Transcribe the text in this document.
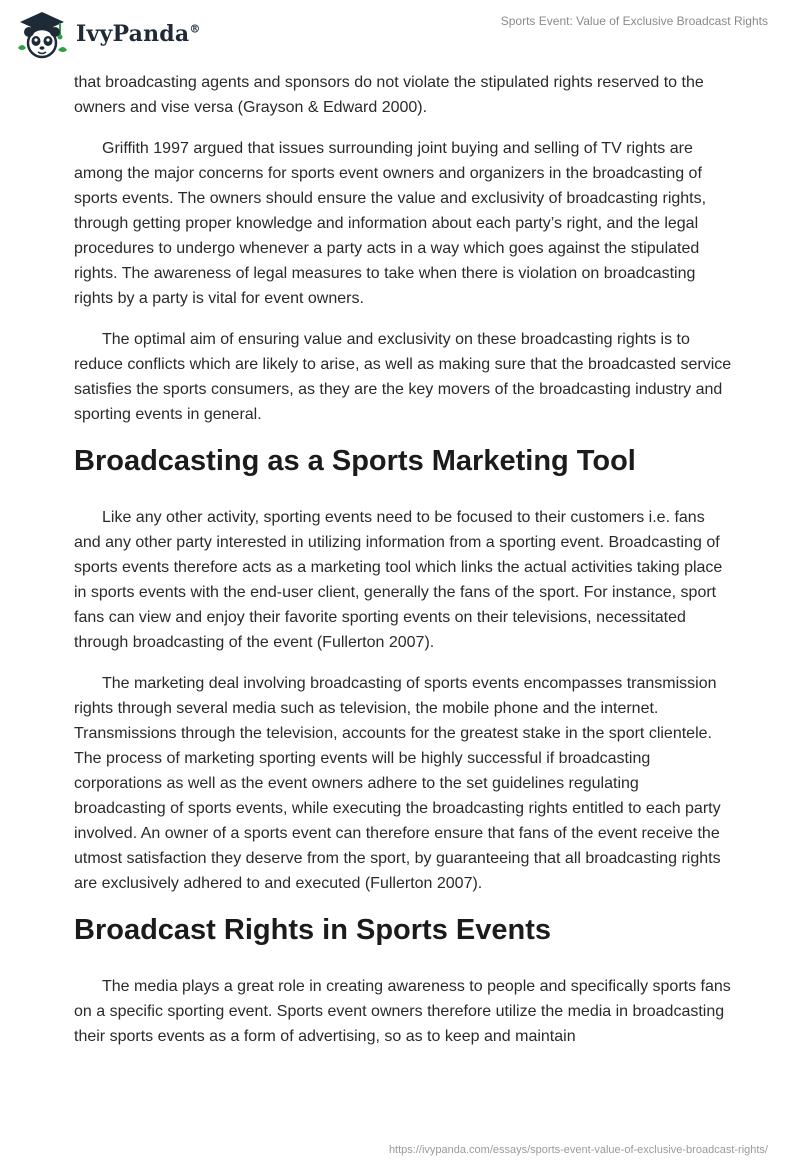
IvyPanda®
Sports Event: Value of Exclusive Broadcast Rights

that broadcasting agents and sponsors do not violate the stipulated rights reserved to the owners and vise versa (Grayson & Edward 2000).

Griffith 1997 argued that issues surrounding joint buying and selling of TV rights are among the major concerns for sports event owners and organizers in the broadcasting of sports events. The owners should ensure the value and exclusivity of broadcasting rights, through getting proper knowledge and information about each party’s right, and the legal procedures to undergo whenever a party acts in a way which goes against the stipulated rights. The awareness of legal measures to take when there is violation on broadcasting rights by a party is vital for event owners.

The optimal aim of ensuring value and exclusivity on these broadcasting rights is to reduce conflicts which are likely to arise, as well as making sure that the broadcasted service satisfies the sports consumers, as they are the key movers of the broadcasting industry and sporting events in general.

Broadcasting as a Sports Marketing Tool

Like any other activity, sporting events need to be focused to their customers i.e. fans and any other party interested in utilizing information from a sporting event. Broadcasting of sports events therefore acts as a marketing tool which links the actual activities taking place in sports events with the end-user client, generally the fans of the sport. For instance, sport fans can view and enjoy their favorite sporting events on their televisions, necessitated through broadcasting of the event (Fullerton 2007).

The marketing deal involving broadcasting of sports events encompasses transmission rights through several media such as television, the mobile phone and the internet. Transmissions through the television, accounts for the greatest stake in the sport clientele. The process of marketing sporting events will be highly successful if broadcasting corporations as well as the event owners adhere to the set guidelines regulating broadcasting of sports events, while executing the broadcasting rights entitled to each party involved. An owner of a sports event can therefore ensure that fans of the event receive the utmost satisfaction they deserve from the sport, by guaranteeing that all broadcasting rights are exclusively adhered to and executed (Fullerton 2007).

Broadcast Rights in Sports Events

The media plays a great role in creating awareness to people and specifically sports fans on a specific sporting event. Sports event owners therefore utilize the media in broadcasting their sports events as a form of advertising, so as to keep and maintain

https://ivypanda.com/essays/sports-event-value-of-exclusive-broadcast-rights/
